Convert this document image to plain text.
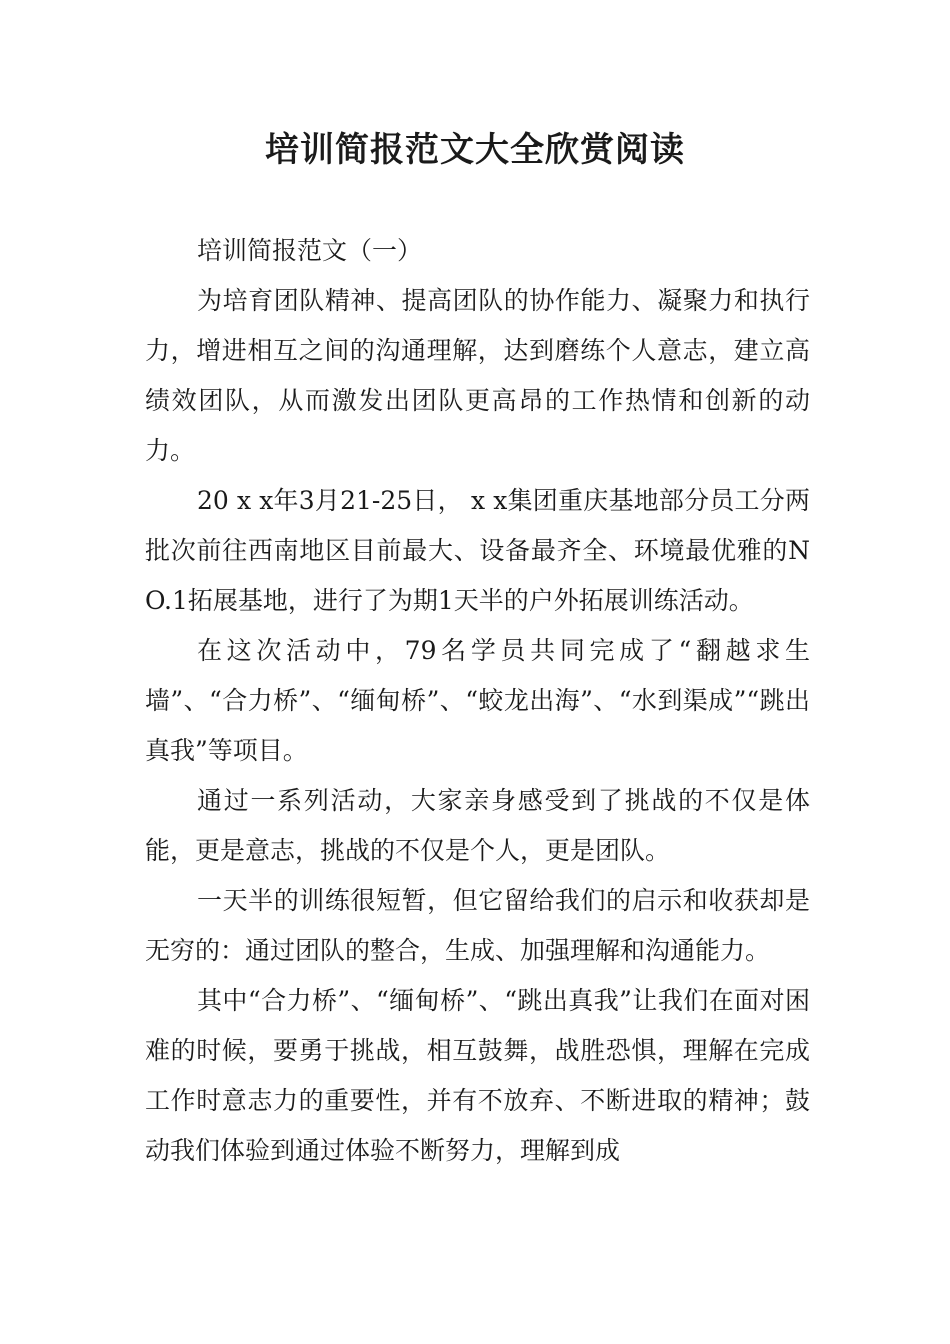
培训简报范文大全欣赏阅读

培训简报范文（一）

为培育团队精神、提高团队的协作能力、凝聚力和执行力，增进相互之间的沟通理解，达到磨练个人意志，建立高绩效团队，从而激发出团队更高昂的工作热情和创新的动力。

20 x x年3月21-25日， x x集团重庆基地部分员工分两批次前往西南地区目前最大、设备最齐全、环境最优雅的NO.1拓展基地，进行了为期1天半的户外拓展训练活动。

在这次活动中，79名学员共同完成了“翻越求生墙”、“合力桥”、“缅甸桥”、“蛟龙出海”、“水到渠成”“跳出真我”等项目。

通过一系列活动，大家亲身感受到了挑战的不仅是体能，更是意志，挑战的不仅是个人，更是团队。

一天半的训练很短暂，但它留给我们的启示和收获却是无穷的：通过团队的整合，生成、加强理解和沟通能力。

其中“合力桥”、“缅甸桥”、“跳出真我”让我们在面对困难的时候，要勇于挑战，相互鼓舞，战胜恐惧，理解在完成工作时意志力的重要性，并有不放弃、不断进取的精神；鼓动我们体验到通过体验不断努力，理解到成
